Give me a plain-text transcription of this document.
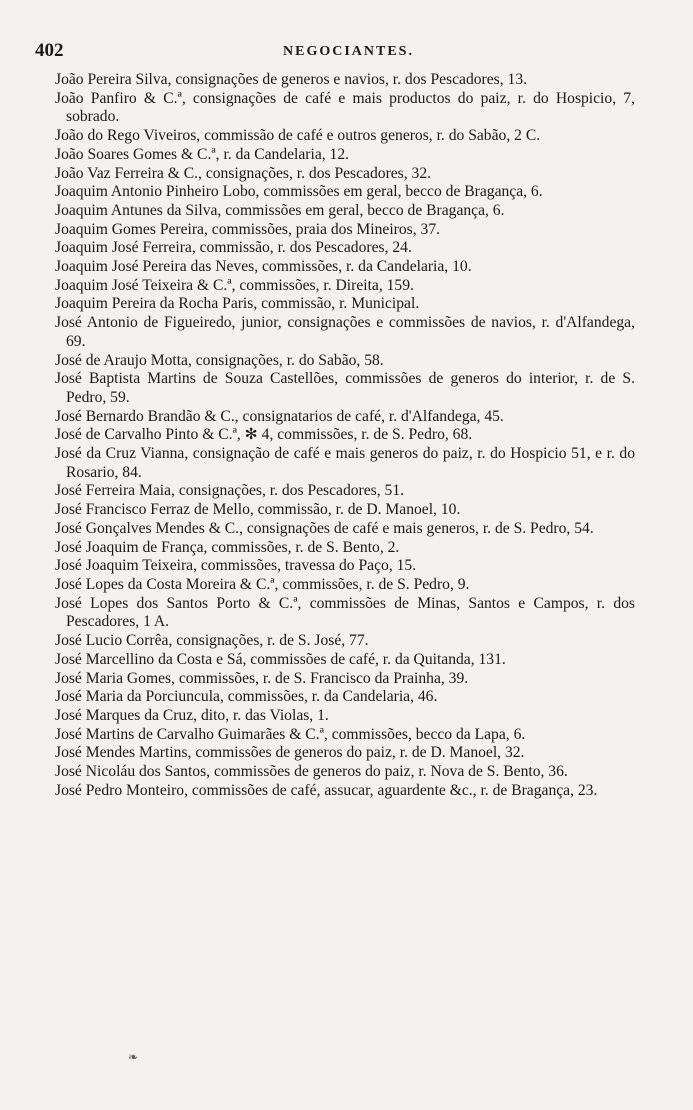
402	NEGOCIANTES.

João Pereira Silva, consignações de generos e navios, r. dos Pescadores, 13.

João Panfiro & C.ª, consignações de café e mais productos do paiz, r. do Hospicio, 7, sobrado.

João do Rego Viveiros, commissão de café e outros generos, r. do Sabão, 2 C.

João Soares Gomes & C.ª, r. da Candelaria, 12.

João Vaz Ferreira & C., consignações, r. dos Pescadores, 32.

Joaquim Antonio Pinheiro Lobo, commissões em geral, becco de Bragança, 6.

Joaquim Antunes da Silva, commissões em geral, becco de Bragança, 6.

Joaquim Gomes Pereira, commissões, praia dos Mineiros, 37.

Joaquim José Ferreira, commissão, r. dos Pescadores, 24.

Joaquim José Pereira das Neves, commissões, r. da Candelaria, 10.

Joaquim José Teixeira & C.ª, commissões, r. Direita, 159.

Joaquim Pereira da Rocha Paris, commissão, r. Municipal.

José Antonio de Figueiredo, junior, consignações e commissões de navios, r. d'Alfandega, 69.

José de Araujo Motta, consignações, r. do Sabão, 58.

José Baptista Martins de Souza Castellões, commissões de generos do interior, r. de S. Pedro, 59.

José Bernardo Brandão & C., consignatarios de café, r. d'Alfandega, 45.

José de Carvalho Pinto & C.ª, ✻ 4, commissões, r. de S. Pedro, 68.

José da Cruz Vianna, consignação de café e mais generos do paiz, r. do Hospicio 51, e r. do Rosario, 84.

José Ferreira Maia, consignações, r. dos Pescadores, 51.

José Francisco Ferraz de Mello, commissão, r. de D. Manoel, 10.

José Gonçalves Mendes & C., consignações de café e mais generos, r. de S. Pedro, 54.

José Joaquim de França, commissões, r. de S. Bento, 2.

José Joaquim Teixeira, commissões, travessa do Paço, 15.

José Lopes da Costa Moreira & C.ª, commissões, r. de S. Pedro, 9.

José Lopes dos Santos Porto & C.ª, commissões de Minas, Santos e Campos, r. dos Pescadores, 1 A.

José Lucio Corrêa, consignações, r. de S. José, 77.

José Marcellino da Costa e Sá, commissões de café, r. da Quitanda, 131.

José Maria Gomes, commissões, r. de S. Francisco da Prainha, 39.

José Maria da Porciuncula, commissões, r. da Candelaria, 46.

José Marques da Cruz, dito, r. das Violas, 1.

José Martins de Carvalho Guimarães & C.ª, commissões, becco da Lapa, 6.

José Mendes Martins, commissões de generos do paiz, r. de D. Manoel, 32.

José Nicoláu dos Santos, commissões de generos do paiz, r. Nova de S. Bento, 36.

José Pedro Monteiro, commissões de café, assucar, aguardente &c., r. de Bragança, 23.

❧
